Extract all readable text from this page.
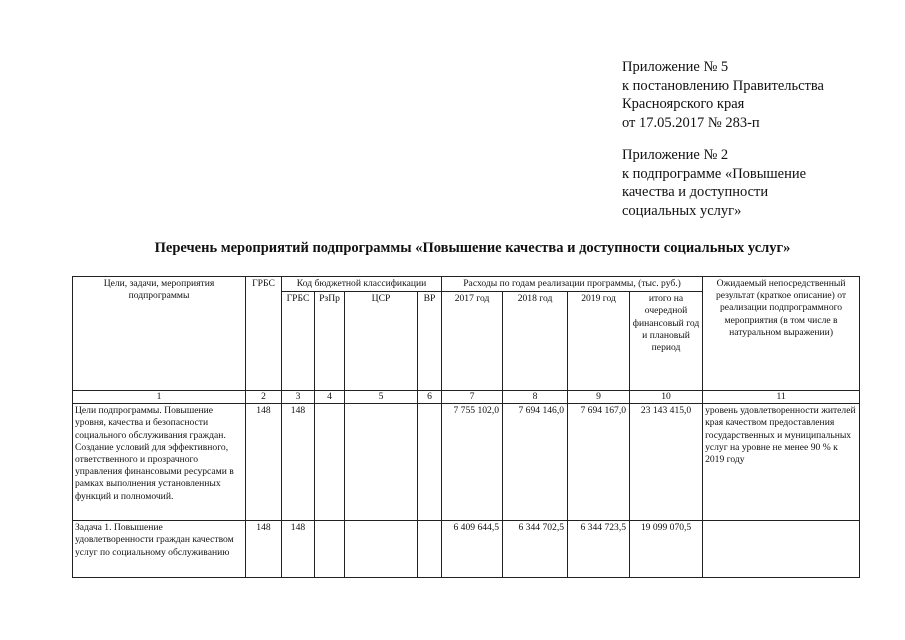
Приложение № 5
к постановлению Правительства
Красноярского края
от 17.05.2017 № 283-п
Приложение № 2
к подпрограмме «Повышение
качества и доступности
социальных услуг»
Перечень мероприятий подпрограммы «Повышение качества и доступности социальных услуг»
Цели, задачи, мероприятия подпрограммы	ГРБС	Код бюджетной классификации				Расходы по годам реализации программы, (тыс. руб.)				Ожидаемый непосредственный результат (краткое описание) от реализации подпрограммного мероприятия (в том числе в натуральном выражении)
		ГРБС	РзПр	ЦСР	ВР	2017 год	2018 год	2019 год	итого на очередной финансовый год и плановый период	
1	2	3	4	5	6	7	8	9	10	11
Цели подпрограммы. Повышение уровня, качества и безопасности социального обслуживания граждан. Создание условий для эффективного, ответственного и прозрачного управления финансовыми ресурсами в рамках выполнения установленных функций и полномочий.	148	148				7 755 102,0	7 694 146,0	7 694 167,0	23 143 415,0	уровень удовлетворенности жителей края качеством предоставления государственных и муниципальных услуг на уровне не менее 90 % к 2019 году
Задача 1. Повышение удовлетворенности граждан качеством услуг по социальному обслуживанию	148	148				6 409 644,5	6 344 702,5	6 344 723,5	19 099 070,5	
